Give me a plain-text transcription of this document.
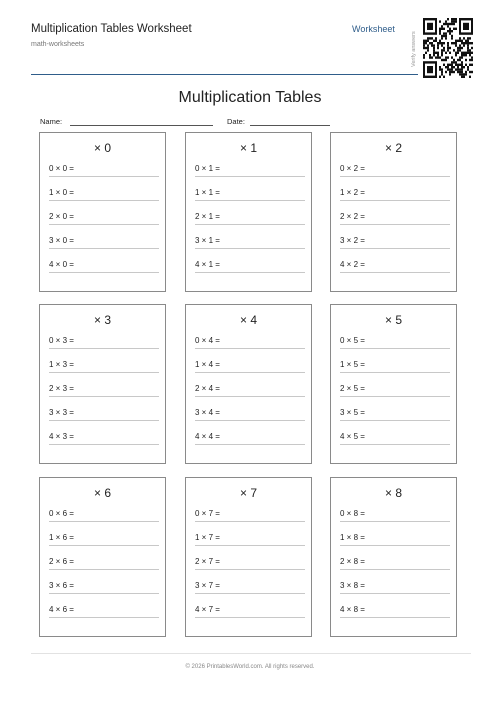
Multiplication Tables Worksheet
math-worksheets
Worksheet
Verify answers
Multiplication Tables
Name:	Date:
× 0
0 × 0 =
1 × 0 =
2 × 0 =
3 × 0 =
4 × 0 =
× 1
0 × 1 =
1 × 1 =
2 × 1 =
3 × 1 =
4 × 1 =
× 2
0 × 2 =
1 × 2 =
2 × 2 =
3 × 2 =
4 × 2 =
× 3
0 × 3 =
1 × 3 =
2 × 3 =
3 × 3 =
4 × 3 =
× 4
0 × 4 =
1 × 4 =
2 × 4 =
3 × 4 =
4 × 4 =
× 5
0 × 5 =
1 × 5 =
2 × 5 =
3 × 5 =
4 × 5 =
× 6
0 × 6 =
1 × 6 =
2 × 6 =
3 × 6 =
4 × 6 =
× 7
0 × 7 =
1 × 7 =
2 × 7 =
3 × 7 =
4 × 7 =
× 8
0 × 8 =
1 × 8 =
2 × 8 =
3 × 8 =
4 × 8 =
© 2026 PrintablesWorld.com. All rights reserved.
